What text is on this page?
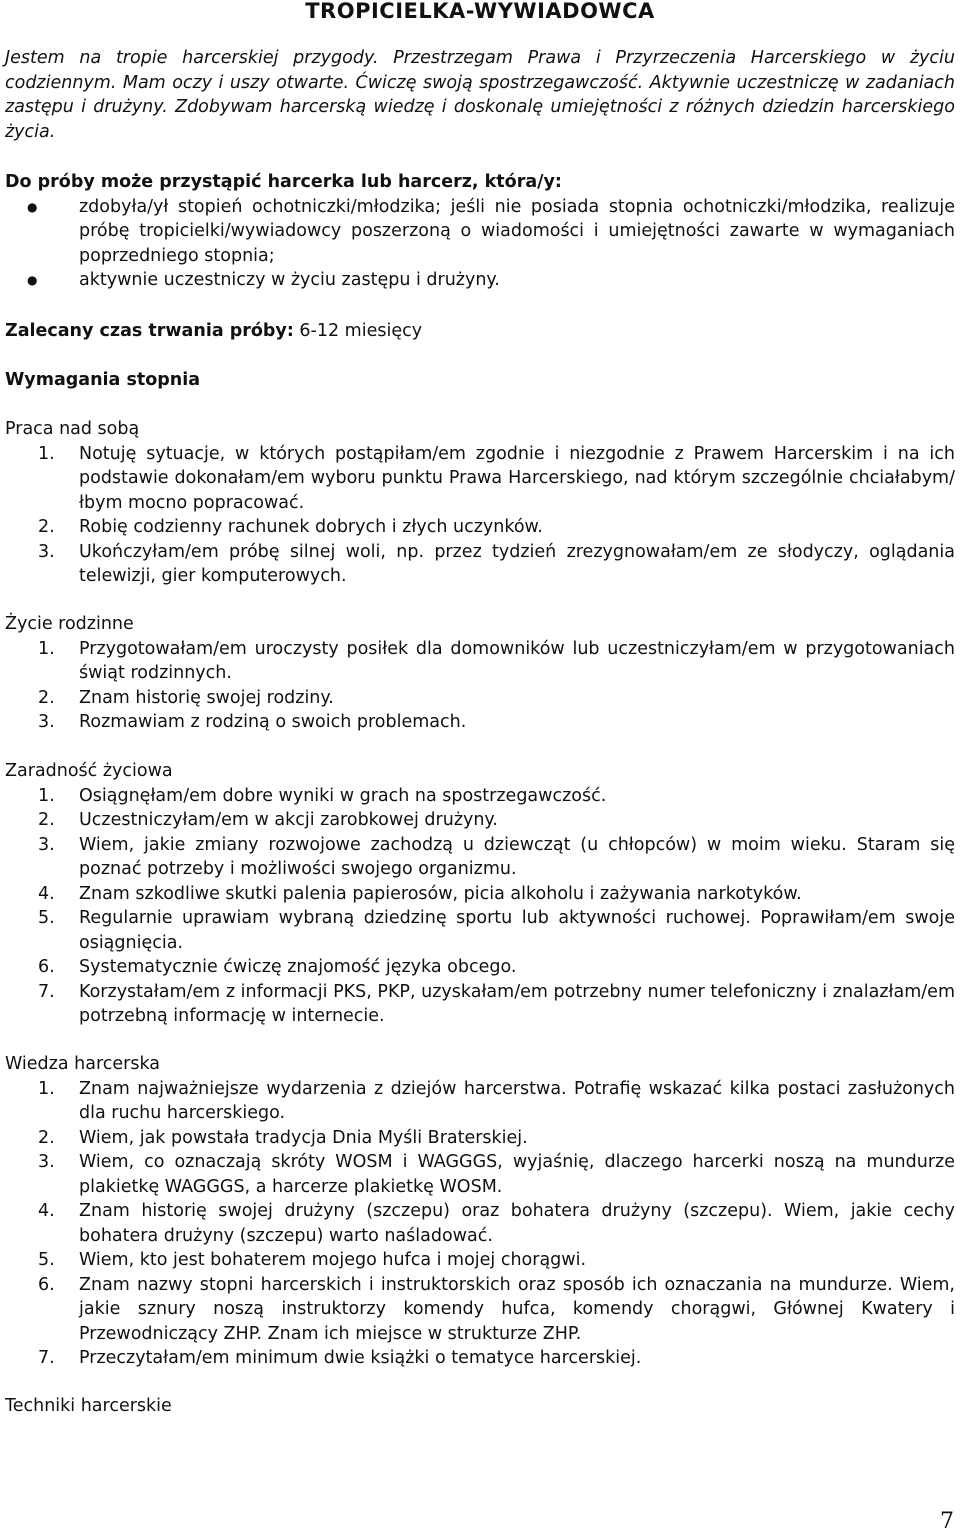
TROPICIELKA-WYWIADOWCA
Jestem na tropie harcerskiej przygody. Przestrzegam Prawa i Przyrzeczenia Harcerskiego w życiu codziennym. Mam oczy i uszy otwarte. Ćwiczę swoją spostrzegawczość. Aktywnie uczestniczę w zadaniach zastępu i drużyny. Zdobywam harcerską wiedzę i doskonalę umiejętności z różnych dziedzin harcerskiego życia.
Do próby może przystąpić harcerka lub harcerz, która/y:
● zdobyła/ył stopień ochotniczki/młodzika; jeśli nie posiada stopnia ochotniczki/młodzika, realizuje próbę tropicielki/wywiadowcy poszerzoną o wiadomości i umiejętności zawarte w wymaganiach poprzedniego stopnia;
● aktywnie uczestniczy w życiu zastępu i drużyny.
Zalecany czas trwania próby: 6-12 miesięcy
Wymagania stopnia
Praca nad sobą
1. Notuję sytuacje, w których postąpiłam/em zgodnie i niezgodnie z Prawem Harcerskim i na ich podstawie dokonałam/em wyboru punktu Prawa Harcerskiego, nad którym szczególnie chciałabym/łbym mocno popracować.
2. Robię codzienny rachunek dobrych i złych uczynków.
3. Ukończyłam/em próbę silnej woli, np. przez tydzień zrezygnowałam/em ze słodyczy, oglądania telewizji, gier komputerowych.
Życie rodzinne
1. Przygotowałam/em uroczysty posiłek dla domowników lub uczestniczyłam/em w przygotowaniach świąt rodzinnych.
2. Znam historię swojej rodziny.
3. Rozmawiam z rodziną o swoich problemach.
Zaradność życiowa
1. Osiągnęłam/em dobre wyniki w grach na spostrzegawczość.
2. Uczestniczyłam/em w akcji zarobkowej drużyny.
3. Wiem, jakie zmiany rozwojowe zachodzą u dziewcząt (u chłopców) w moim wieku. Staram się poznać potrzeby i możliwości swojego organizmu.
4. Znam szkodliwe skutki palenia papierosów, picia alkoholu i zażywania narkotyków.
5. Regularnie uprawiam wybraną dziedzinę sportu lub aktywności ruchowej. Poprawiłam/em swoje osiągnięcia.
6. Systematycznie ćwiczę znajomość języka obcego.
7. Korzystałam/em z informacji PKS, PKP, uzyskałam/em potrzebny numer telefoniczny i znalazłam/em potrzebną informację w internecie.
Wiedza harcerska
1. Znam najważniejsze wydarzenia z dziejów harcerstwa. Potrafię wskazać kilka postaci zasłużonych dla ruchu harcerskiego.
2. Wiem, jak powstała tradycja Dnia Myśli Braterskiej.
3. Wiem, co oznaczają skróty WOSM i WAGGGS, wyjaśnię, dlaczego harcerki noszą na mundurze plakietkę WAGGGS, a harcerze plakietkę WOSM.
4. Znam historię swojej drużyny (szczepu) oraz bohatera drużyny (szczepu). Wiem, jakie cechy bohatera drużyny (szczepu) warto naśladować.
5. Wiem, kto jest bohaterem mojego hufca i mojej chorągwi.
6. Znam nazwy stopni harcerskich i instruktorskich oraz sposób ich oznaczania na mundurze. Wiem, jakie sznury noszą instruktorzy komendy hufca, komendy chorągwi, Głównej Kwatery i Przewodniczący ZHP. Znam ich miejsce w strukturze ZHP.
7. Przeczytałam/em minimum dwie książki o tematyce harcerskiej.
Techniki harcerskie
7
